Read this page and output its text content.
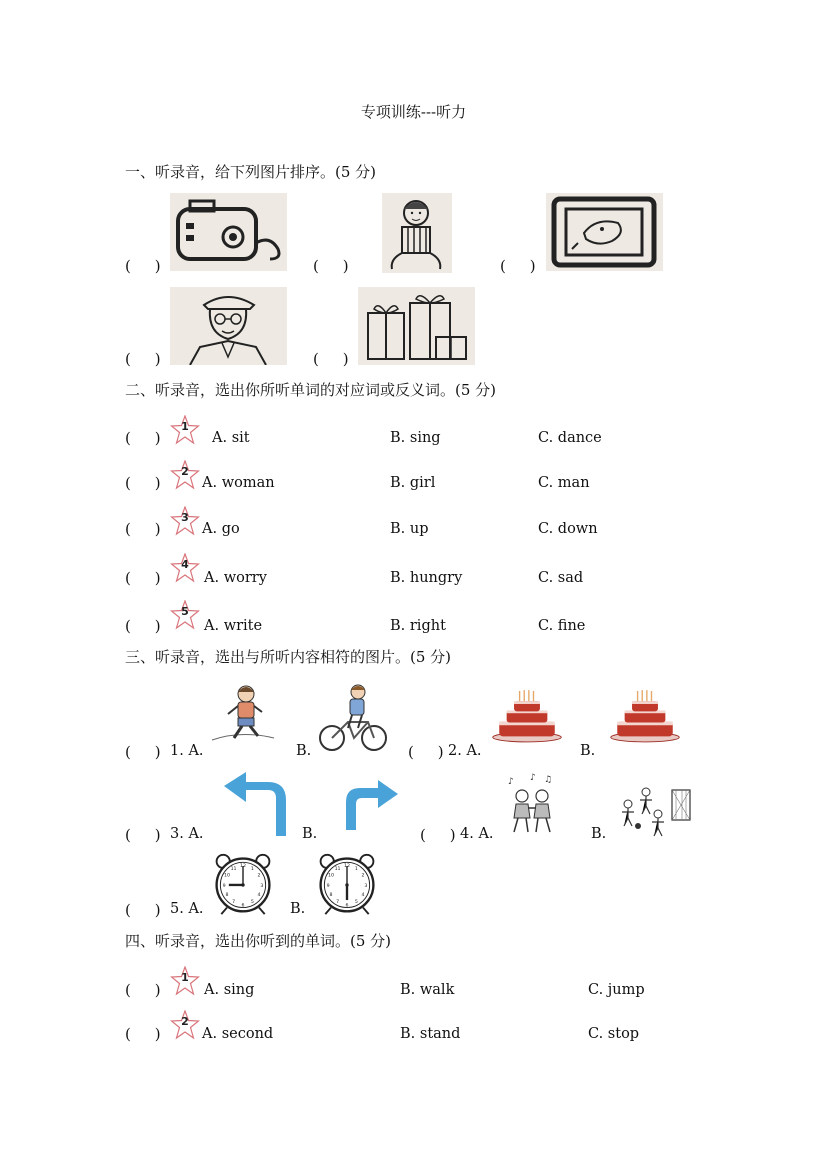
专项训练---听力
一、听录音，给下列图片排序。(5 分)
( )	( )	( )
( )	( )
二、听录音，选出你所听单词的对应词或反义词。(5 分)
( )
1
A. sit	B. sing	C. dance
( )
2
A. woman	B. girl	C. man
( )
3
A. go	B. up	C. down
( )
4
A. worry	B. hungry	C. sad
( )
5
A. write	B. right	C. fine
三、听录音，选出与所听内容相符的图片。(5 分)
( ) 1. A.	B.	( ) 2. A.	B.
( ) 3. A.	B.	( ) 4. A.
♪	♫
♪
B.
( ) 5. A.	B.
四、听录音，选出你听到的单词。(5 分)
( )
1
A. sing	B. walk	C. jump
( )
2
A. second	B. stand	C. stop
